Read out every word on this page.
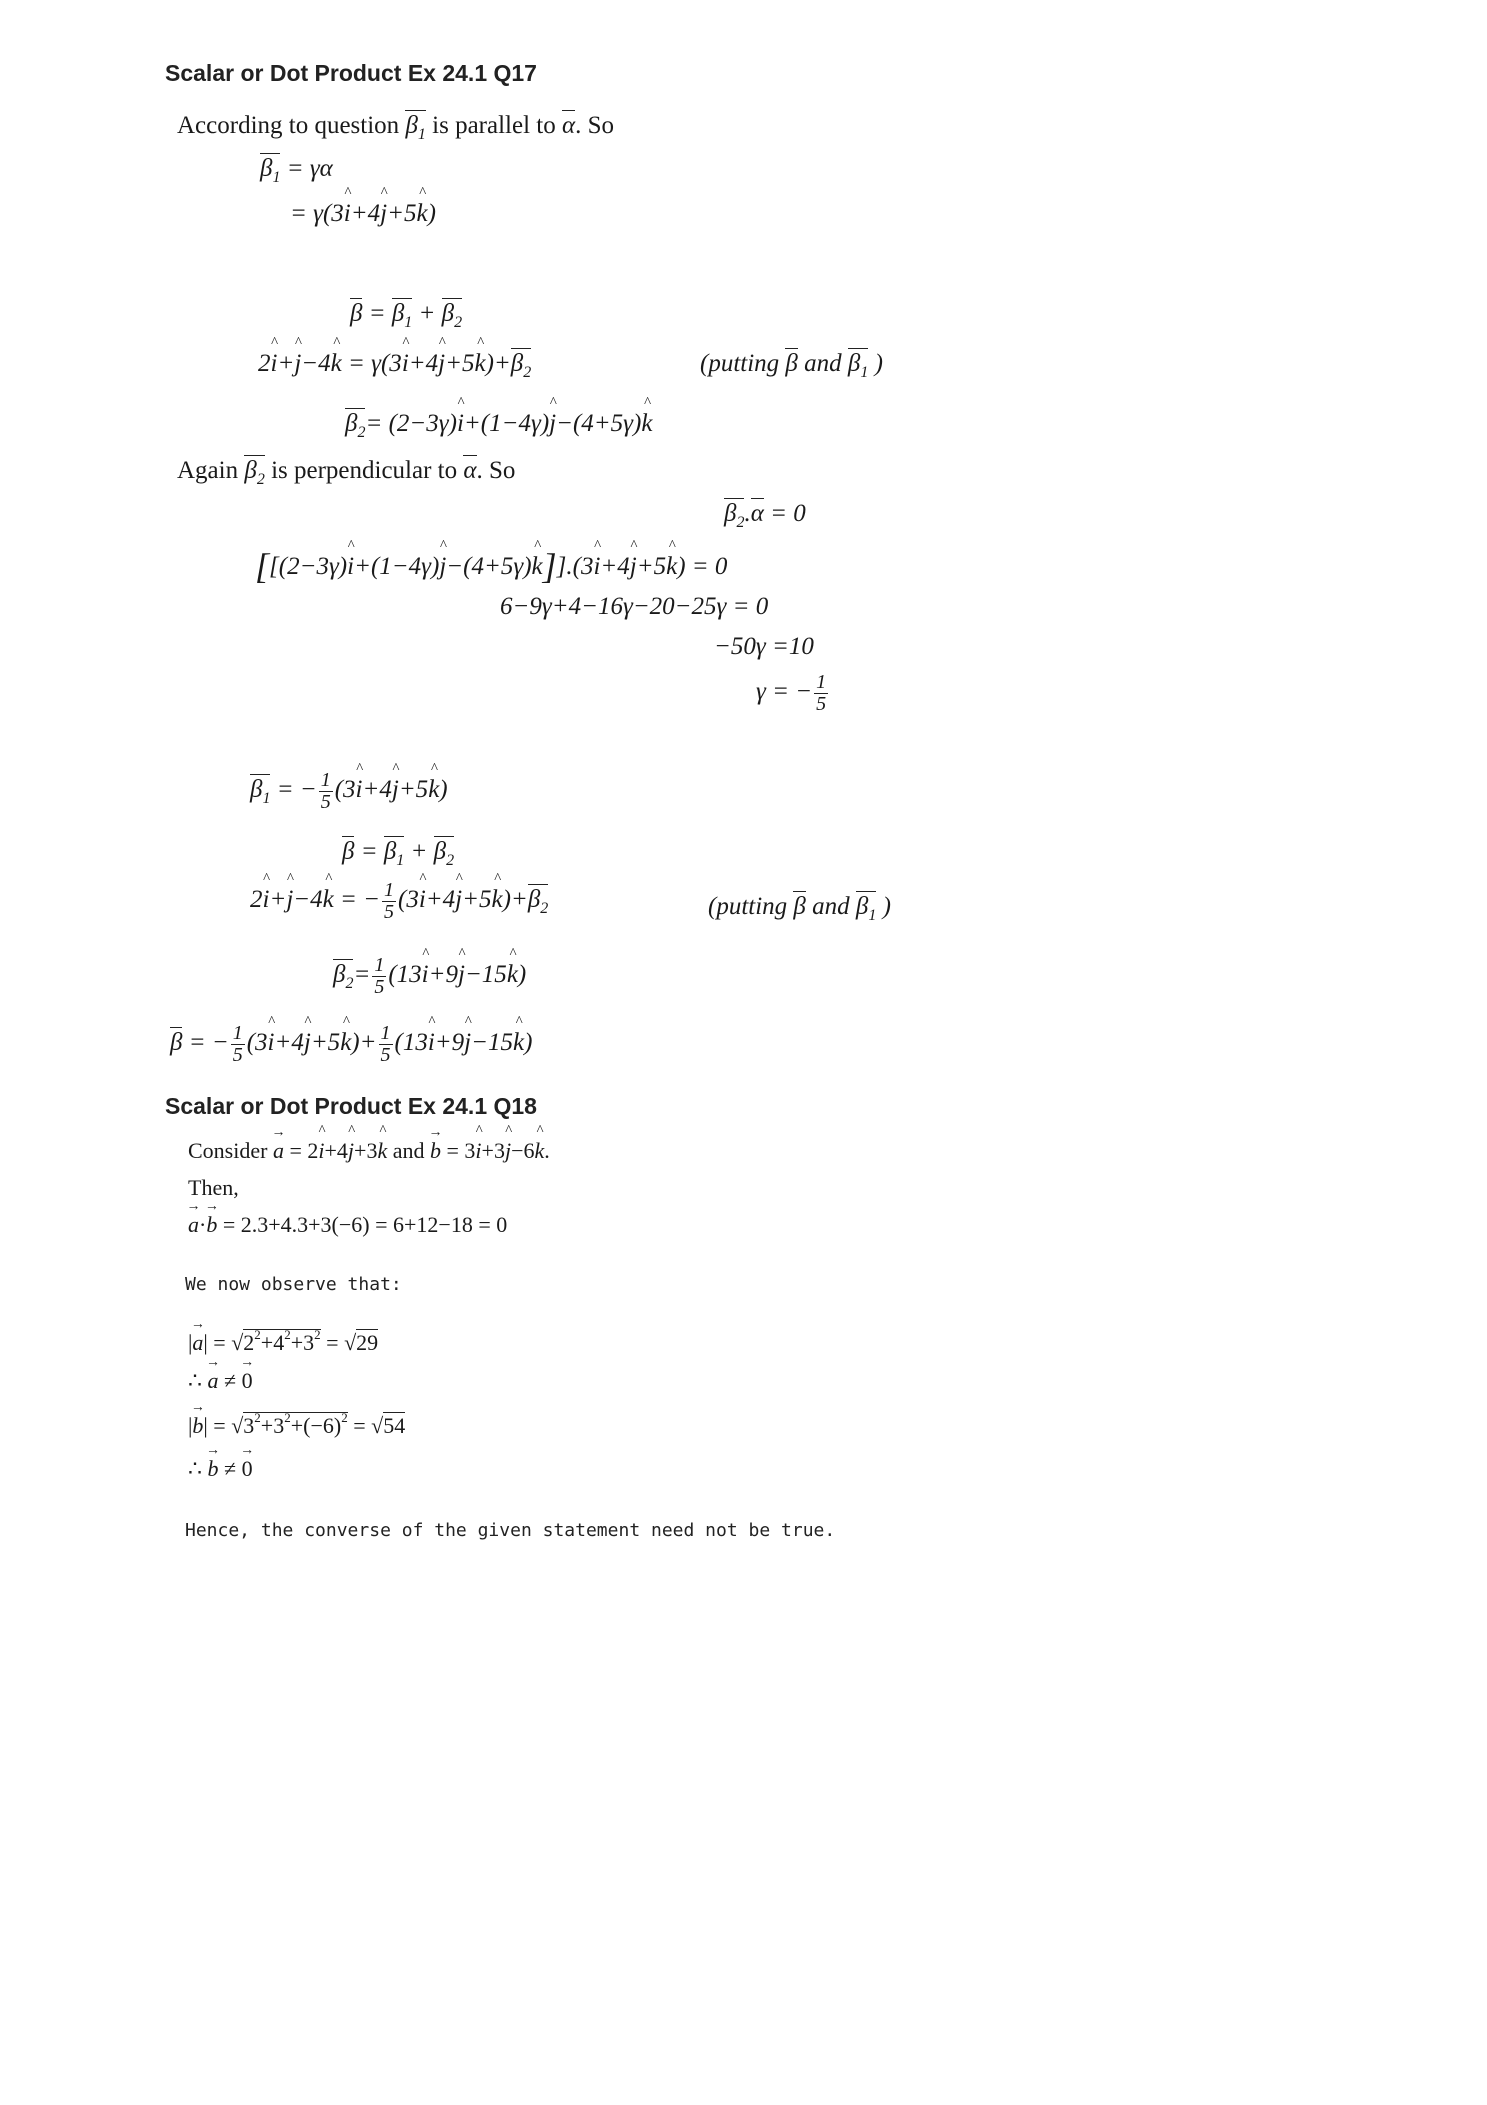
Scalar or Dot Product Ex 24.1 Q17
According to question $\beta_1$ is parallel to α. So
$\beta_1 = \gamma\alpha$
= γ(3^ i+4^ j+5^ k)
$\beta = \beta_1 + \beta_2$
2^ i+^ j−4^ k = γ(3^ i+4^ j+5^ $k)+\beta_2$	(putting β and $\beta_1$ )
$\beta_2=$ (2−3γ)^ i+(1−4γ)^ j−(4+5γ)^ k
Again $\beta_2$ is perpendicular to α. So
$\beta_2.\alpha = 0$
[[(2−3γ)^ i+(1−4γ)^ j−(4+5γ)^ k]].(3^ i+4^ j+5^ k) = 0
6−9γ+4−16γ−20−25γ = 0
−50γ =10
γ = − $\frac{1}{5}$
$\beta_1$ = − $\frac{1}{5}$ (3^ i+4^ j+5^ k)
$\beta = \beta_1 + \beta_2$
2^ i+^ j−4^ k = − $\frac{1}{5}$ (3^ i+4^ j+5^ $k)+\beta_2$	(putting β and $\beta_1$ )
$\beta_2= \frac{1}{5}$ (13^ i+9^ j−15^ k)
β = − $\frac{1}{5}$ (3^ i+4^ j+5^ $k)+ \frac{1}{5}$ (13^ i+9^ j−15^ k)
Scalar or Dot Product Ex 24.1 Q18
Consider → a = 2^ i+4^ j+3^ k and → b = 3^ i+3^ j−6^ k.
Then,
→ a·→ b = 2.3+4.3+3(−6) = 6+12−18 = 0
We now observe that:
|→ $a| = √2^2+4^2+3^2 = √29$
∴ → a ≠ → 0
|→ $b| = √3^2+3^2+(-6)^2 = √54$
∴ → b ≠ → 0
Hence, the converse of the given statement need not be true.
